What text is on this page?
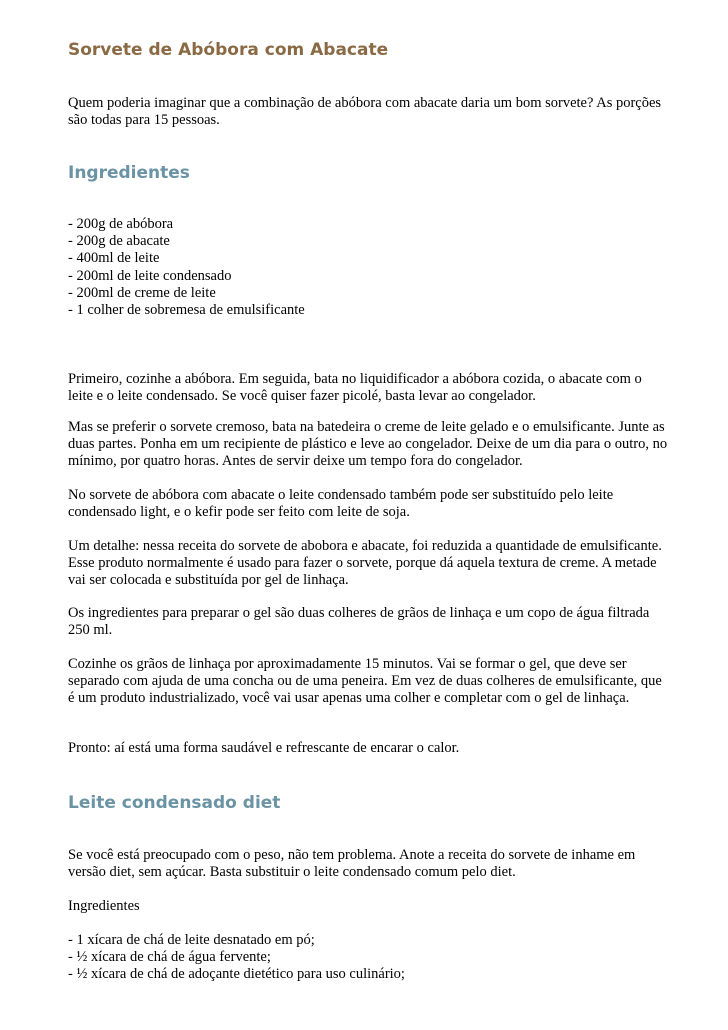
Sorvete de Abóbora com Abacate

Quem poderia imaginar que a combinação de abóbora com abacate daria um bom sorvete? As porções são todas para 15 pessoas.

Ingredientes
- 200g de abóbora
- 200g de abacate
- 400ml de leite
- 200ml de leite condensado
- 200ml de creme de leite
- 1 colher de sobremesa de emulsificante

Primeiro, cozinhe a abóbora. Em seguida, bata no liquidificador a abóbora cozida, o abacate com o leite e o leite condensado. Se você quiser fazer picolé, basta levar ao congelador.

Mas se preferir o sorvete cremoso, bata na batedeira o creme de leite gelado e o emulsificante. Junte as duas partes. Ponha em um recipiente de plástico e leve ao congelador. Deixe de um dia para o outro, no mínimo, por quatro horas. Antes de servir deixe um tempo fora do congelador.

No sorvete de abóbora com abacate o leite condensado também pode ser substituído pelo leite condensado light, e o kefir pode ser feito com leite de soja.

Um detalhe: nessa receita do sorvete de abobora e abacate, foi reduzida a quantidade de emulsificante. Esse produto normalmente é usado para fazer o sorvete, porque dá aquela textura de creme. A metade vai ser colocada e substituída por gel de linhaça.

Os ingredientes para preparar o gel são duas colheres de grãos de linhaça e um copo de água filtrada 250 ml.

Cozinhe os grãos de linhaça por aproximadamente 15 minutos. Vai se formar o gel, que deve ser separado com ajuda de uma concha ou de uma peneira. Em vez de duas colheres de emulsificante, que é um produto industrializado, você vai usar apenas uma colher e completar com o gel de linhaça.

Pronto: aí está uma forma saudável e refrescante de encarar o calor.

Leite condensado diet

Se você está preocupado com o peso, não tem problema. Anote a receita do sorvete de inhame em versão diet, sem açúcar. Basta substituir o leite condensado comum pelo diet.

Ingredientes

- 1 xícara de chá de leite desnatado em pó;
- ½ xícara de chá de água fervente;
- ½ xícara de chá de adoçante dietético para uso culinário;
